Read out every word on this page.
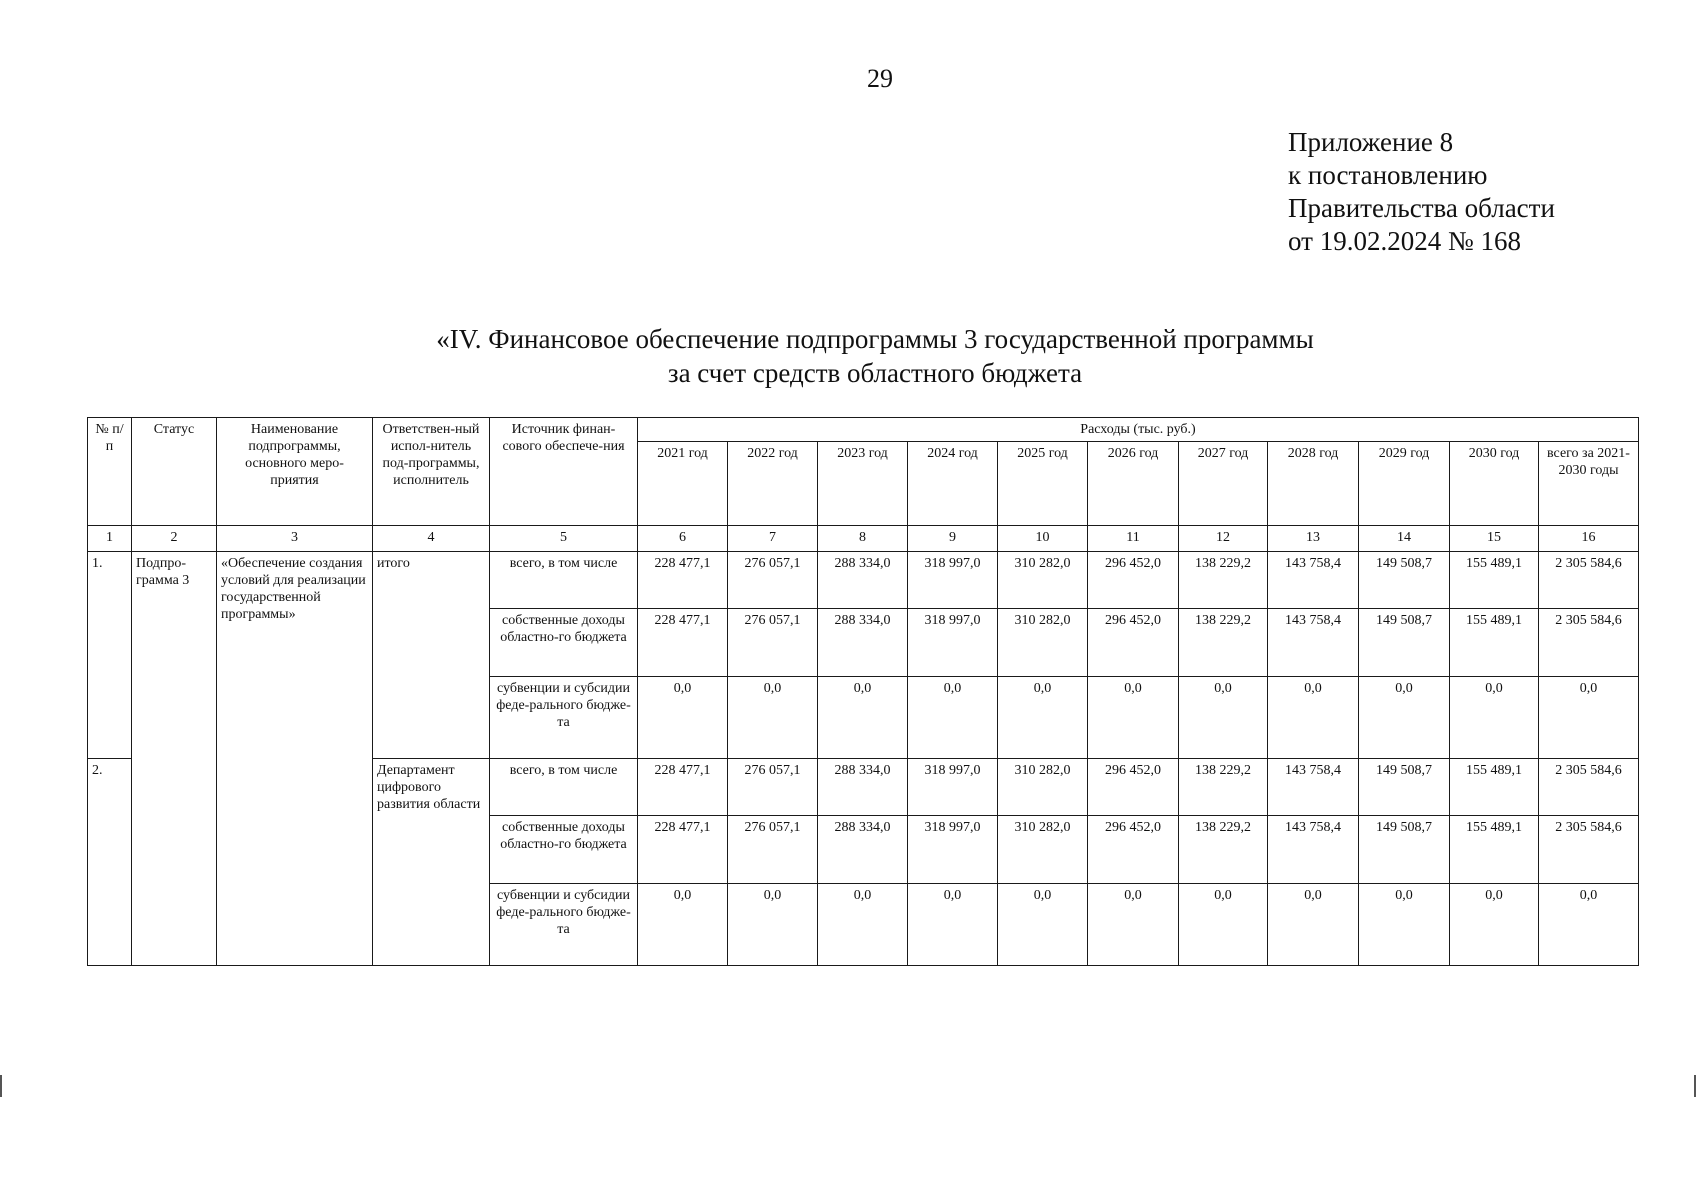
29
Приложение 8
к постановлению
Правительства области
от 19.02.2024 № 168
«IV. Финансовое обеспечение подпрограммы 3 государственной программы
за счет средств областного бюджета
№ п/п	Статус	Наименование подпрограммы, основного меро-приятия	Ответствен-ный испол-нитель под-программы, исполнитель	Источник финан-сового обеспече-ния	Расходы (тыс. руб.)										
					2021 год	2022 год	2023 год	2024 год	2025 год	2026 год	2027 год	2028 год	2029 год	2030 год	всего за 2021-2030 годы
1	2	3	4	5	6	7	8	9	10	11	12	13	14	15	16
1.	Подпро-грамма 3	«Обеспечение создания условий для реализации государственной программы»	итого	всего, в том числе	228 477,1	276 057,1	288 334,0	318 997,0	310 282,0	296 452,0	138 229,2	143 758,4	149 508,7	155 489,1	2 305 584,6
				собственные доходы областно-го бюджета	228 477,1	276 057,1	288 334,0	318 997,0	310 282,0	296 452,0	138 229,2	143 758,4	149 508,7	155 489,1	2 305 584,6
				субвенции и субсидии феде-рального бюдже-та	0,0	0,0	0,0	0,0	0,0	0,0	0,0	0,0	0,0	0,0	0,0
2.			Департамент цифрового развития области	всего, в том числе	228 477,1	276 057,1	288 334,0	318 997,0	310 282,0	296 452,0	138 229,2	143 758,4	149 508,7	155 489,1	2 305 584,6
				собственные доходы областно-го бюджета	228 477,1	276 057,1	288 334,0	318 997,0	310 282,0	296 452,0	138 229,2	143 758,4	149 508,7	155 489,1	2 305 584,6
				субвенции и субсидии феде-рального бюдже-та	0,0	0,0	0,0	0,0	0,0	0,0	0,0	0,0	0,0	0,0	0,0
